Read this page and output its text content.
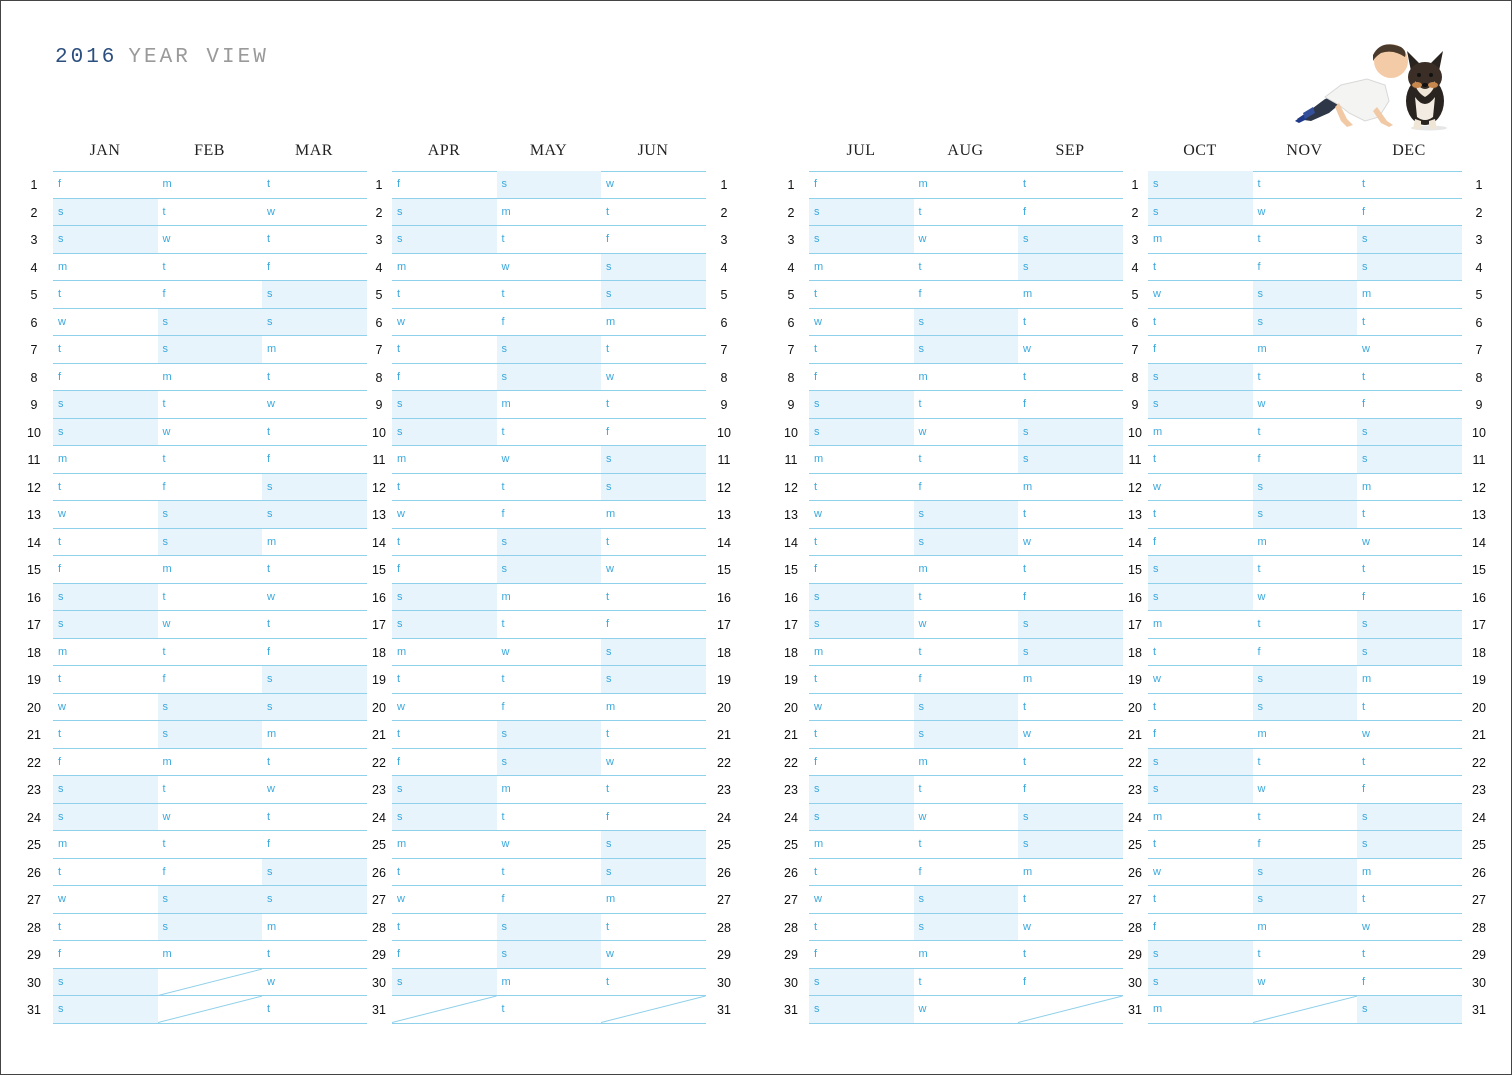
2016 YEAR VIEW
1
2
3
4
5
6
7
8
9
10
11
12
13
14
15
16
17
18
19
20
21
22
23
24
25
26
27
28
29
30
31
1
2
3
4
5
6
7
8
9
10
11
12
13
14
15
16
17
18
19
20
21
22
23
24
25
26
27
28
29
30
31
1
2
3
4
5
6
7
8
9
10
11
12
13
14
15
16
17
18
19
20
21
22
23
24
25
26
27
28
29
30
31
1
2
3
4
5
6
7
8
9
10
11
12
13
14
15
16
17
18
19
20
21
22
23
24
25
26
27
28
29
30
31
1
2
3
4
5
6
7
8
9
10
11
12
13
14
15
16
17
18
19
20
21
22
23
24
25
26
27
28
29
30
31
1
2
3
4
5
6
7
8
9
10
11
12
13
14
15
16
17
18
19
20
21
22
23
24
25
26
27
28
29
30
31
JAN
f
s
s
m
t
w
t
f
s
s
m
t
w
t
f
s
s
m
t
w
t
f
s
s
m
t
w
t
f
s
s
FEB
m
t
w
t
f
s
s
m
t
w
t
f
s
s
m
t
w
t
f
s
s
m
t
w
t
f
s
s
m
MAR
t
w
t
f
s
s
m
t
w
t
f
s
s
m
t
w
t
f
s
s
m
t
w
t
f
s
s
m
t
w
t
APR
f
s
s
m
t
w
t
f
s
s
m
t
w
t
f
s
s
m
t
w
t
f
s
s
m
t
w
t
f
s
MAY
s
m
t
w
t
f
s
s
m
t
w
t
f
s
s
m
t
w
t
f
s
s
m
t
w
t
f
s
s
m
t
JUN
w
t
f
s
s
m
t
w
t
f
s
s
m
t
w
t
f
s
s
m
t
w
t
f
s
s
m
t
w
t
JUL
f
s
s
m
t
w
t
f
s
s
m
t
w
t
f
s
s
m
t
w
t
f
s
s
m
t
w
t
f
s
s
AUG
m
t
w
t
f
s
s
m
t
w
t
f
s
s
m
t
w
t
f
s
s
m
t
w
t
f
s
s
m
t
w
SEP
t
f
s
s
m
t
w
t
f
s
s
m
t
w
t
f
s
s
m
t
w
t
f
s
s
m
t
w
t
f
OCT
s
s
m
t
w
t
f
s
s
m
t
w
t
f
s
s
m
t
w
t
f
s
s
m
t
w
t
f
s
s
m
NOV
t
w
t
f
s
s
m
t
w
t
f
s
s
m
t
w
t
f
s
s
m
t
w
t
f
s
s
m
t
w
DEC
t
f
s
s
m
t
w
t
f
s
s
m
t
w
t
f
s
s
m
t
w
t
f
s
s
m
t
w
t
f
s
